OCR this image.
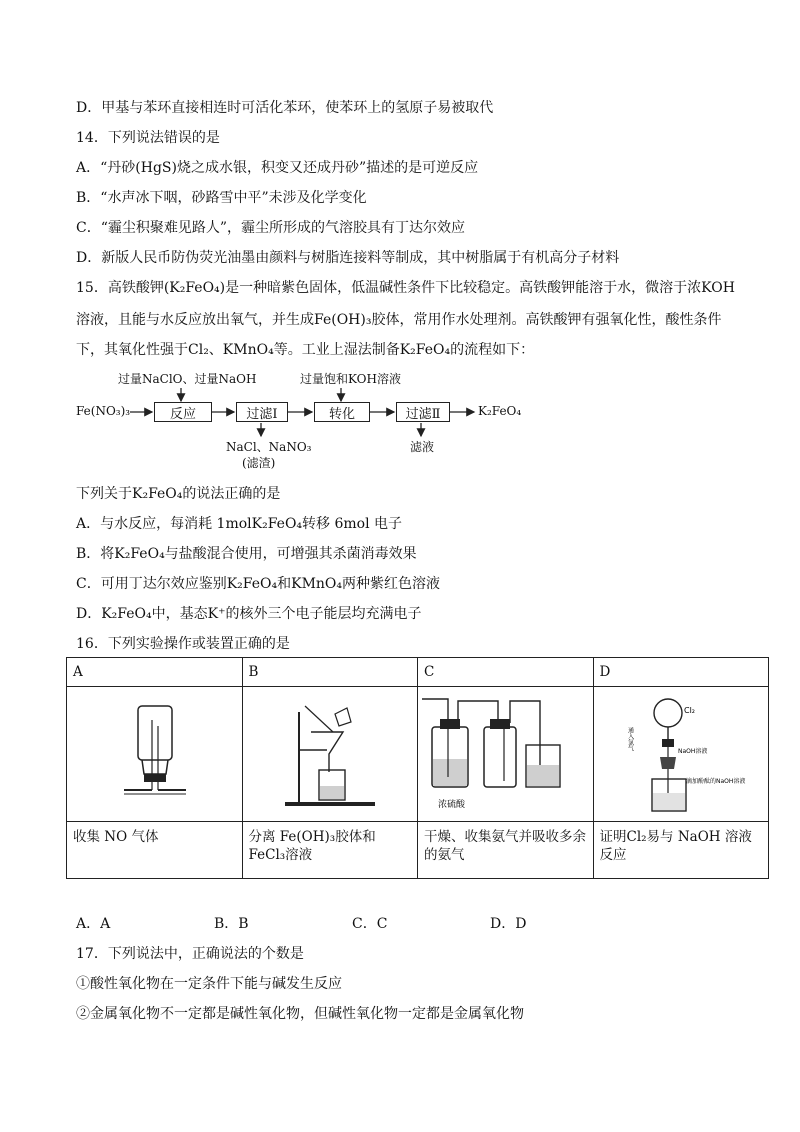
D．甲基与苯环直接相连时可活化苯环，使苯环上的氢原子易被取代
14．下列说法错误的是
A．“丹砂(HgS)烧之成水银，积变又还成丹砂”描述的是可逆反应
B．“水声冰下咽，砂路雪中平”未涉及化学变化
C．“霾尘积聚难见路人”，霾尘所形成的气溶胶具有丁达尔效应
D．新版人民币防伪荧光油墨由颜料与树脂连接料等制成，其中树脂属于有机高分子材料
15．高铁酸钾(K₂FeO₄)是一种暗紫色固体，低温碱性条件下比较稳定。高铁酸钾能溶于水，微溶于浓KOH
溶液，且能与水反应放出氧气，并生成Fe(OH)₃胶体，常用作水处理剂。高铁酸钾有强氧化性，酸性条件
下，其氧化性强于Cl₂、KMnO₄等。工业上湿法制备K₂FeO₄的流程如下：
过量NaClO、过量NaOH	过量饱和KOH溶液
Fe(NO₃)₃	反应	过滤Ⅰ	转化	过滤Ⅱ	K₂FeO₄
NaCl、NaNO₃
(滤渣)
滤液
下列关于K₂FeO₄的说法正确的是
A．与水反应，每消耗 1molK₂FeO₄转移 6mol 电子
B．将K₂FeO₄与盐酸混合使用，可增强其杀菌消毒效果
C．可用丁达尔效应鉴别K₂FeO₄和KMnO₄两种紫红色溶液
D．K₂FeO₄中，基态K⁺的核外三个电子能层均充满电子
16．下列实验操作或装置正确的是
A	B	C	D

浓硫酸	Cl₂
NaOH溶液
滴加酚酞的NaOH溶液
通入氯气

收集 NO 气体	分离 Fe(OH)₃胶体和FeCl₃溶液	干燥、收集氨气并吸收多余的氨气	证明Cl₂易与 NaOH 溶液反应
A．A	B．B	C．C	D．D
17．下列说法中，正确说法的个数是
①酸性氧化物在一定条件下能与碱发生反应
②金属氧化物不一定都是碱性氧化物，但碱性氧化物一定都是金属氧化物
